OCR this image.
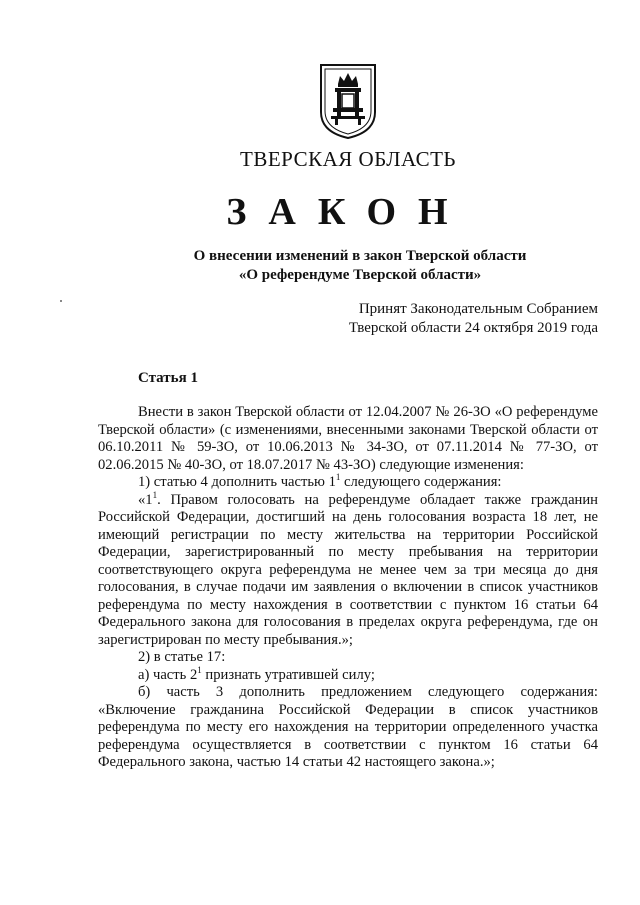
ТВЕРСКАЯ ОБЛАСТЬ
ЗАКОН
О внесении изменений в закон Тверской области
«О референдуме Тверской области»
Принят Законодательным Собранием
Тверской области 24 октября 2019 года
Статья 1

Внести в закон Тверской области от 12.04.2007 № 26-ЗО «О референдуме Тверской области» (с изменениями, внесенными законами Тверской области от 06.10.2011 № 59-ЗО, от 10.06.2013 № 34-ЗО, от 07.11.2014 № 77-ЗО, от 02.06.2015 № 40-ЗО, от 18.07.2017 № 43-ЗО) следующие изменения:

1) статью 4 дополнить частью $1^1$ следующего содержания:

«$1^1$. Правом голосовать на референдуме обладает также гражданин Российской Федерации, достигший на день голосования возраста 18 лет, не имеющий регистрации по месту жительства на территории Российской Федерации, зарегистрированный по месту пребывания на территории соответствующего округа референдума не менее чем за три месяца до дня голосования, в случае подачи им заявления о включении в список участников референдума по месту нахождения в соответствии с пунктом 16 статьи 64 Федерального закона для голосования в пределах округа референдума, где он зарегистрирован по месту пребывания.»;

2) в статье 17:

а) часть $2^1$ признать утратившей силу;

б) часть 3 дополнить предложением следующего содержания: «Включение гражданина Российской Федерации в список участников референдума по месту его нахождения на территории определенного участка референдума осуществляется в соответствии с пунктом 16 статьи 64 Федерального закона, частью 14 статьи 42 настоящего закона.»;
